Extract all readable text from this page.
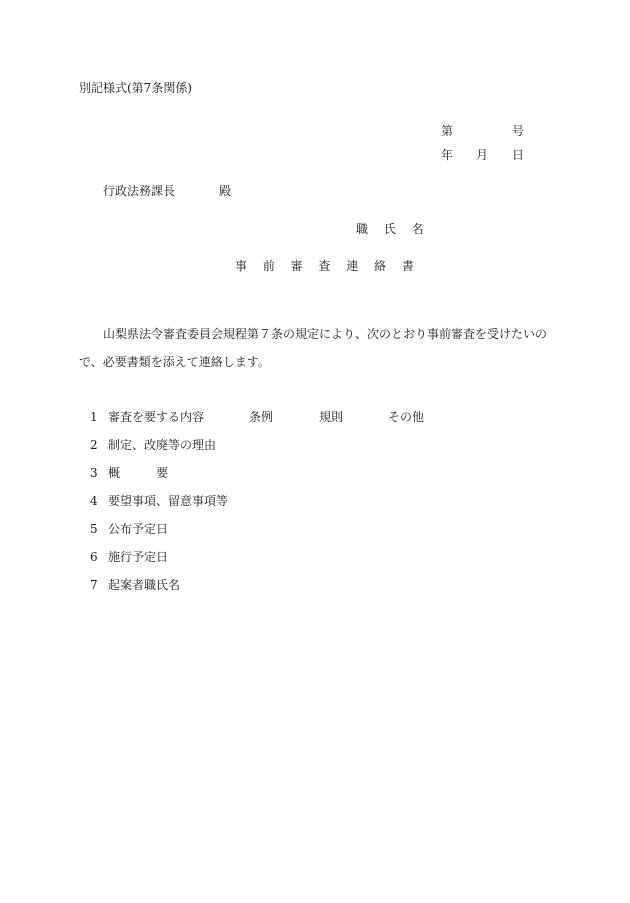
別記様式(第7条関係)
第	号
年 月 日
行政法務課長	殿
職 氏 名
事 前 審 査 連 絡 書
山梨県法令審査委員会規程第７条の規定により、次のとおり事前審査を受けたいので、必要書類を添えて連絡します。
1 審査を要する内容	条例	規則	その他
2 制定、改廃等の理由
3 概	要
4 要望事項、留意事項等
5 公布予定日
6 施行予定日
7 起案者職氏名
